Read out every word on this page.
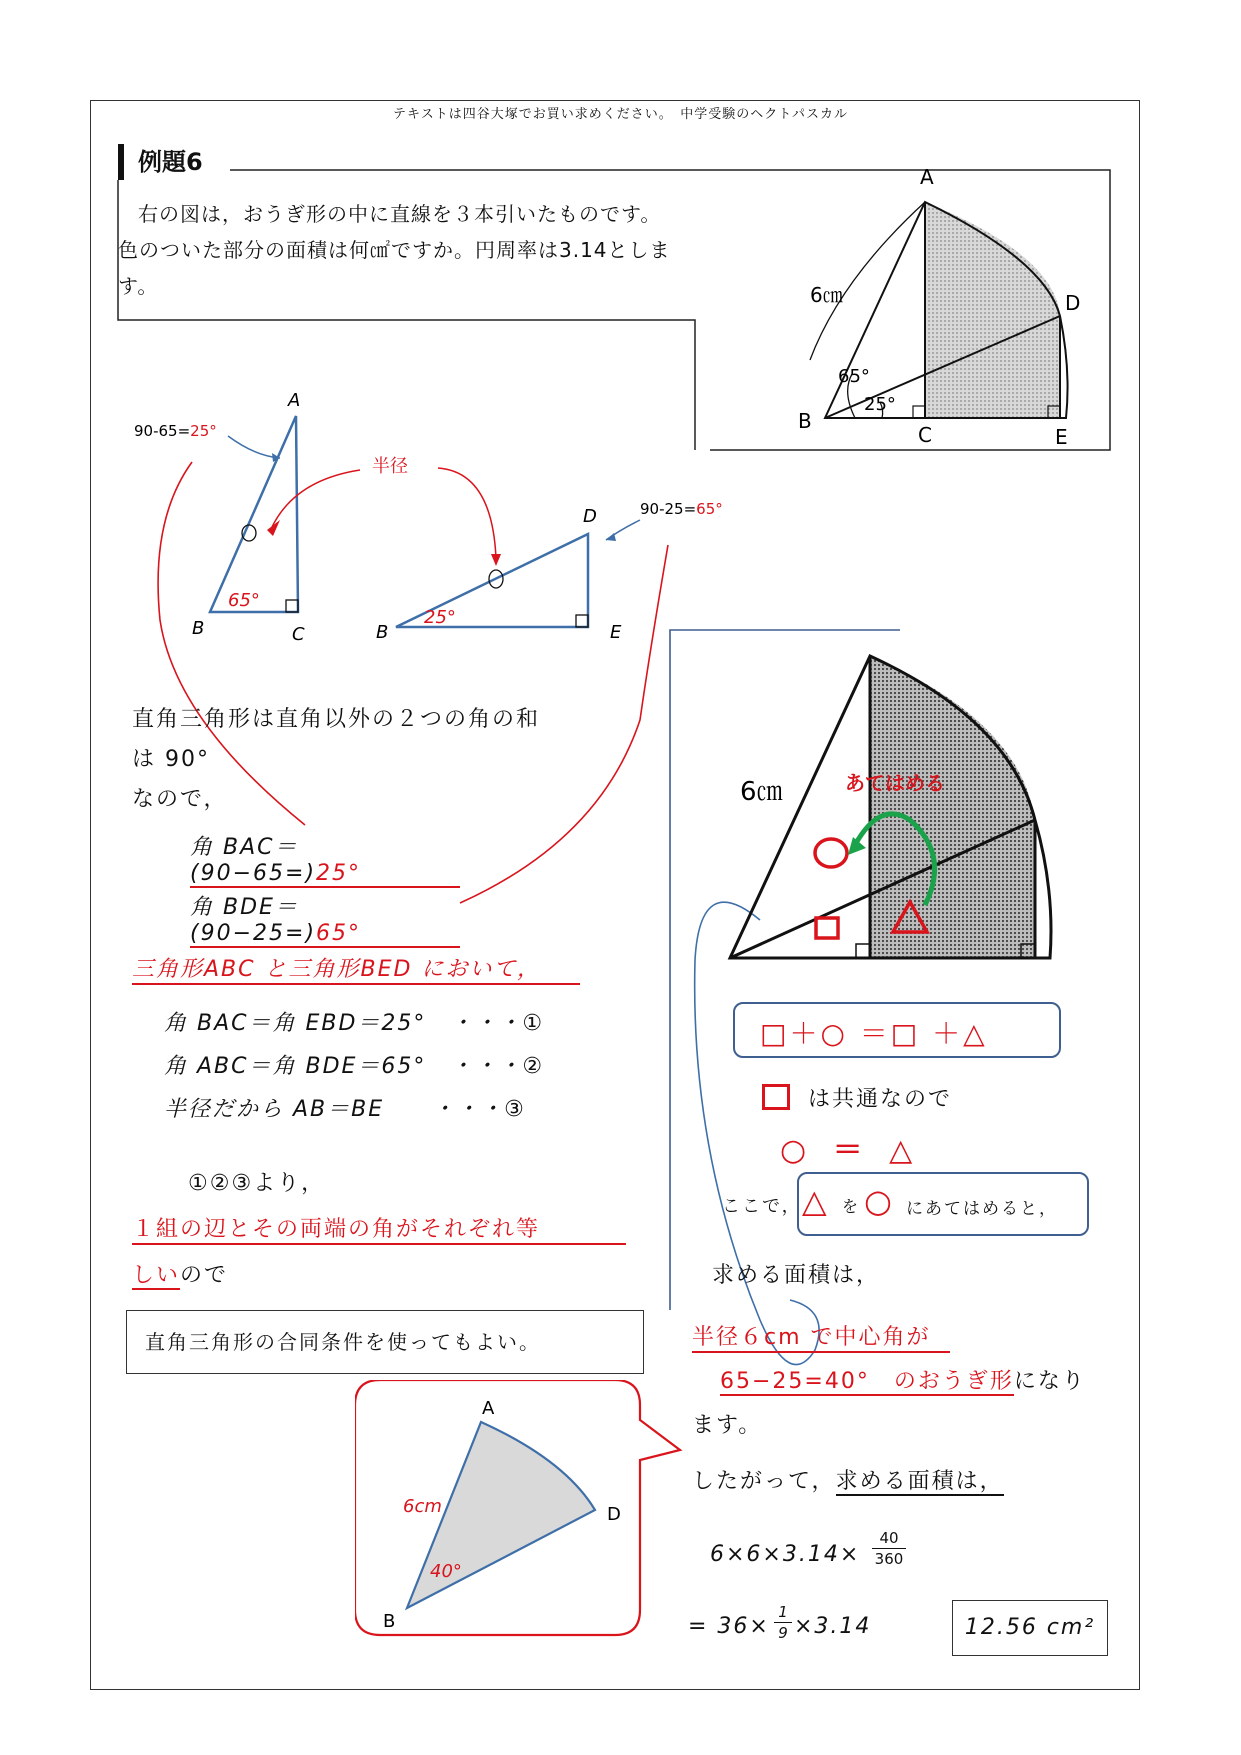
テキストは四谷大塚でお買い求めください。　中学受験のヘクトパスカル
例題6
右の図は，おうぎ形の中に直線を３本引いたものです。
色のついた部分の面積は何㎠ですか。円周率は3.14としま
す。
A
B
C
D
E
6㎝
65°
25°
A
B	C
65°
90-65=25°
D
B	E
25°
90-25=65°
半径
直角三角形は直角以外の２つの角の和
は 90°
なので，
角 BAC＝(90−65=)25°
角 BDE＝(90−25=)65°
三角形ABC と三角形BED において，
角 BAC＝角 EBD＝25°　・・・①
角 ABC＝角 BDE＝65°　・・・②
半径だから AB＝BE　　・・・③
①②③より，
１組の辺とその両端の角がそれぞれ等
しいので
直角三角形の合同条件を使ってもよい。
A
B
D
6cm
40°
6㎝	あてはめる
□＋○ ＝□ ＋△
は共通なので
○ ＝ △
ここで， △ を ○ にあてはめると，
求める面積は，
半径６cm で中心角が
65−25=40°　のおうぎ形になり
ます。
したがって，求める面積は，
6×6×3.14×
40
360
= 36×
1
9 ×3.14	12.56 cm²
